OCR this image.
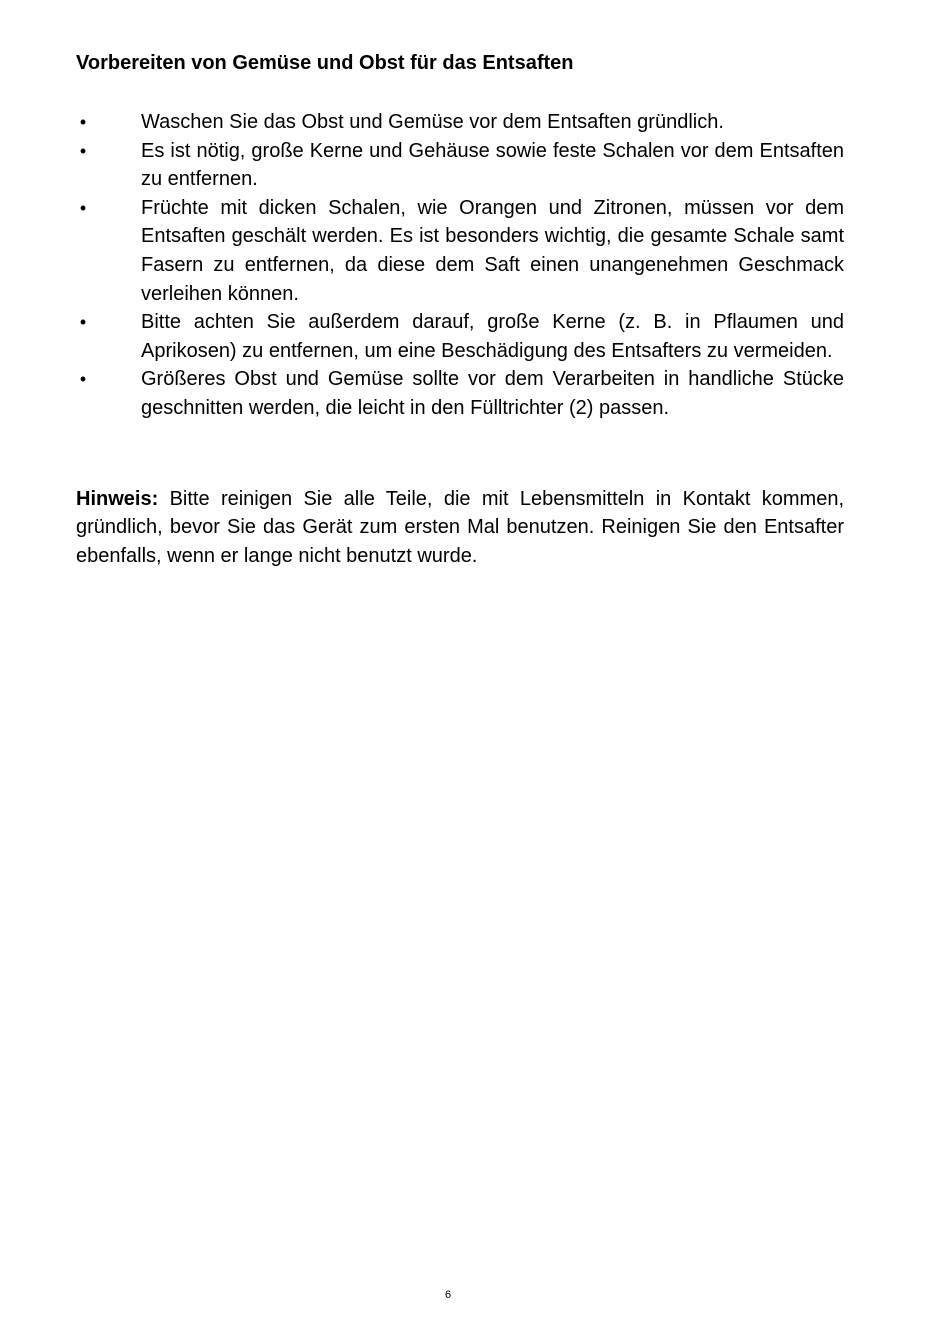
Vorbereiten von Gemüse und Obst für das Entsaften
•	Waschen Sie das Obst und Gemüse vor dem Entsaften gründlich.
•	Es ist nötig, große Kerne und Gehäuse sowie feste Schalen vor dem Entsaften zu entfernen.
•	Früchte mit dicken Schalen, wie Orangen und Zitronen, müssen vor dem Entsaften geschält werden. Es ist besonders wichtig, die gesamte Schale samt Fasern zu entfernen, da diese dem Saft einen unangenehmen Geschmack verleihen können.
•	Bitte achten Sie außerdem darauf, große Kerne (z. B. in Pflaumen und Aprikosen) zu entfernen, um eine Beschädigung des Entsafters zu vermeiden.
•	Größeres Obst und Gemüse sollte vor dem Verarbeiten in handliche Stücke geschnitten werden, die leicht in den Fülltrichter (2) passen.

Hinweis: Bitte reinigen Sie alle Teile, die mit Lebensmitteln in Kontakt kommen, gründlich, bevor Sie das Gerät zum ersten Mal benutzen. Reinigen Sie den Entsafter ebenfalls, wenn er lange nicht benutzt wurde.

6
